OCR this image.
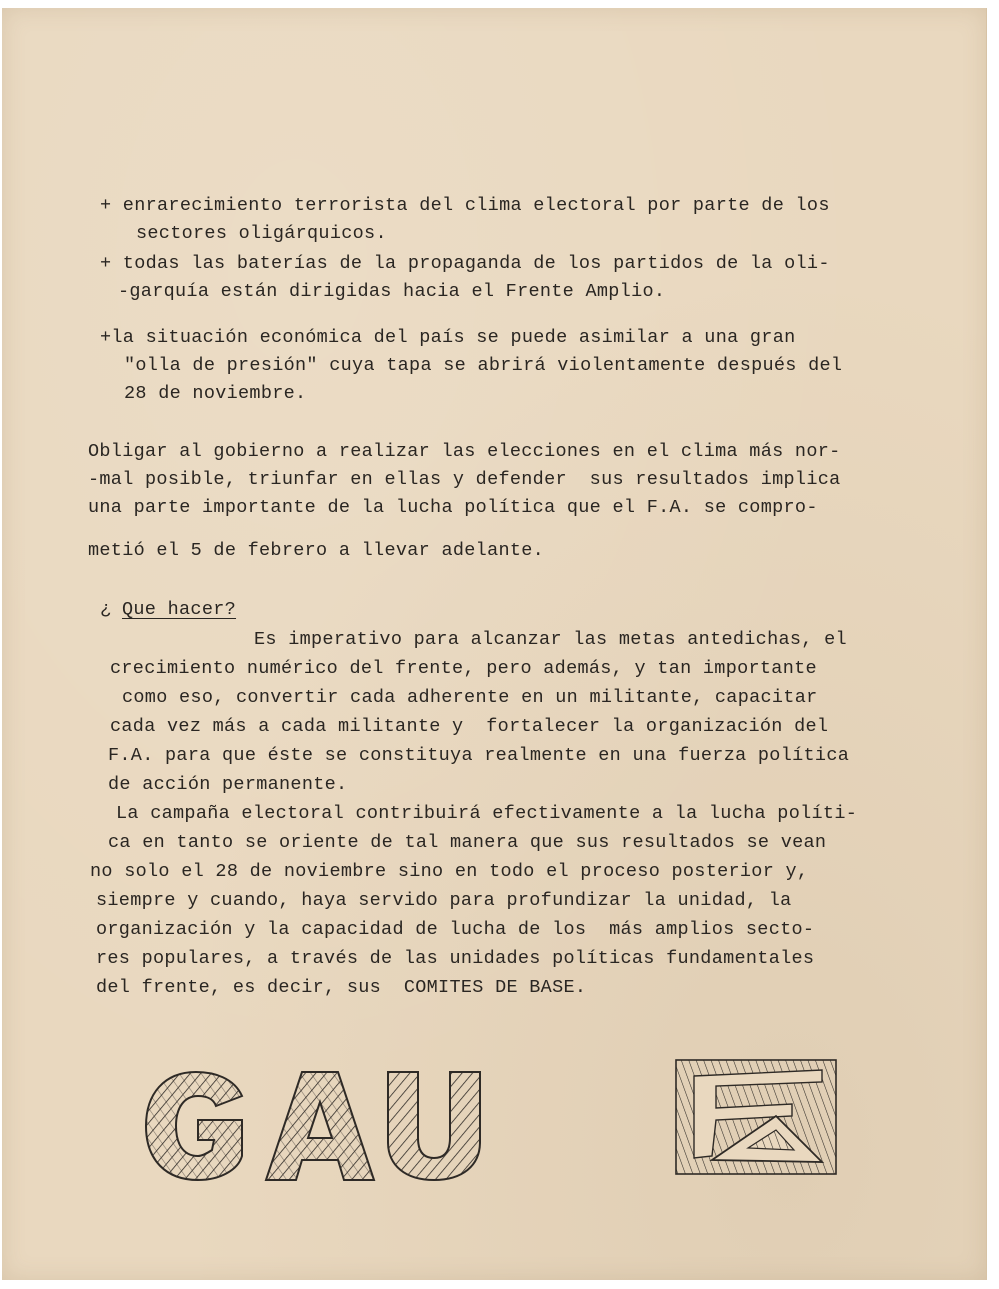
+ enrarecimiento terrorista del clima electoral por parte de los

sectores oligárquicos.

+ todas las baterías de la propaganda de los partidos de la oli-

-garquía están dirigidas hacia el Frente Amplio.

+la situación económica del país se puede asimilar a una gran

"olla de presión" cuya tapa se abrirá violentamente después del

28 de noviembre.

Obligar al gobierno a realizar las elecciones en el clima más nor-

-mal posible, triunfar en ellas y defender  sus resultados implica

una parte importante de la lucha política que el F.A. se compro-

metió el 5 de febrero a llevar adelante.

¿ Que hacer?

Es imperativo para alcanzar las metas antedichas, el

crecimiento numérico del frente, pero además, y tan importante

como eso, convertir cada adherente en un militante, capacitar

cada vez más a cada militante y  fortalecer la organización del

F.A. para que éste se constituya realmente en una fuerza política

de acción permanente.

La campaña electoral contribuirá efectivamente a la lucha políti-

ca en tanto se oriente de tal manera que sus resultados se vean

no solo el 28 de noviembre sino en todo el proceso posterior y,

siempre y cuando, haya servido para profundizar la unidad, la

organización y la capacidad de lucha de los  más amplios secto-

res populares, a través de las unidades políticas fundamentales

del frente, es decir, sus  COMITES DE BASE.
